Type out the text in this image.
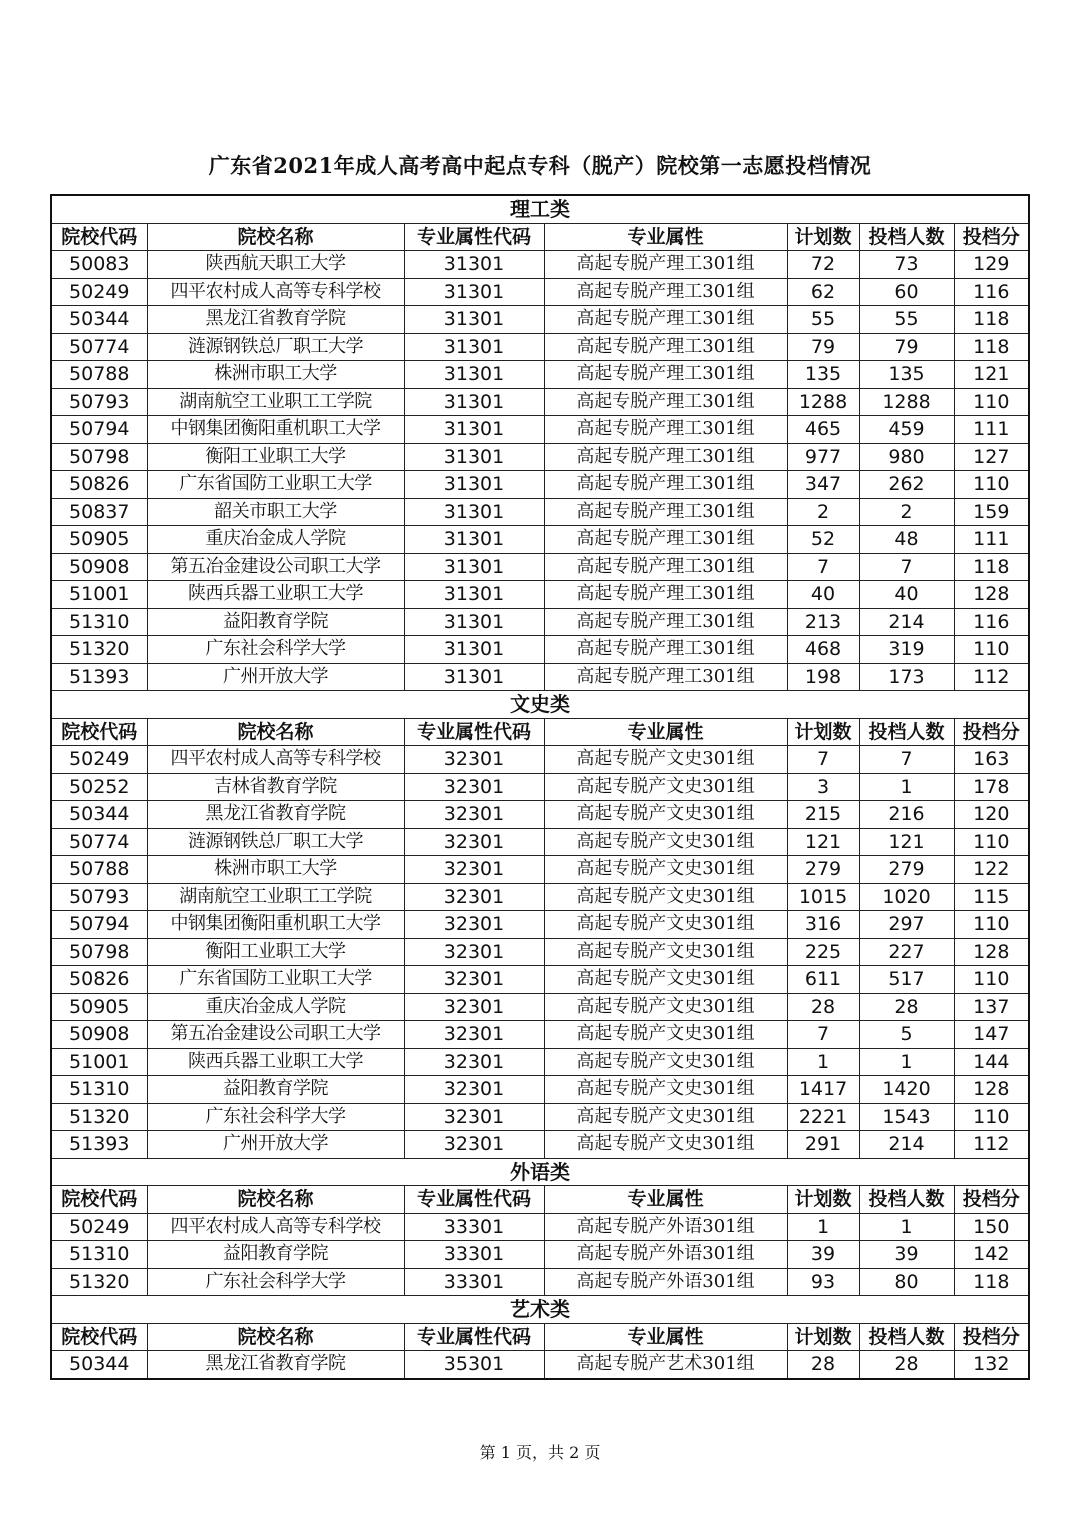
广东省2021年成人高考高中起点专科（脱产）院校第一志愿投档情况
理工类						
院校代码	院校名称	专业属性代码	专业属性	计划数	投档人数	投档分
50083	陕西航天职工大学	31301	高起专脱产理工301组	72	73	129
50249	四平农村成人高等专科学校	31301	高起专脱产理工301组	62	60	116
50344	黑龙江省教育学院	31301	高起专脱产理工301组	55	55	118
50774	涟源钢铁总厂职工大学	31301	高起专脱产理工301组	79	79	118
50788	株洲市职工大学	31301	高起专脱产理工301组	135	135	121
50793	湖南航空工业职工工学院	31301	高起专脱产理工301组	1288	1288	110
50794	中钢集团衡阳重机职工大学	31301	高起专脱产理工301组	465	459	111
50798	衡阳工业职工大学	31301	高起专脱产理工301组	977	980	127
50826	广东省国防工业职工大学	31301	高起专脱产理工301组	347	262	110
50837	韶关市职工大学	31301	高起专脱产理工301组	2	2	159
50905	重庆冶金成人学院	31301	高起专脱产理工301组	52	48	111
50908	第五冶金建设公司职工大学	31301	高起专脱产理工301组	7	7	118
51001	陕西兵器工业职工大学	31301	高起专脱产理工301组	40	40	128
51310	益阳教育学院	31301	高起专脱产理工301组	213	214	116
51320	广东社会科学大学	31301	高起专脱产理工301组	468	319	110
51393	广州开放大学	31301	高起专脱产理工301组	198	173	112
文史类						
院校代码	院校名称	专业属性代码	专业属性	计划数	投档人数	投档分
50249	四平农村成人高等专科学校	32301	高起专脱产文史301组	7	7	163
50252	吉林省教育学院	32301	高起专脱产文史301组	3	1	178
50344	黑龙江省教育学院	32301	高起专脱产文史301组	215	216	120
50774	涟源钢铁总厂职工大学	32301	高起专脱产文史301组	121	121	110
50788	株洲市职工大学	32301	高起专脱产文史301组	279	279	122
50793	湖南航空工业职工工学院	32301	高起专脱产文史301组	1015	1020	115
50794	中钢集团衡阳重机职工大学	32301	高起专脱产文史301组	316	297	110
50798	衡阳工业职工大学	32301	高起专脱产文史301组	225	227	128
50826	广东省国防工业职工大学	32301	高起专脱产文史301组	611	517	110
50905	重庆冶金成人学院	32301	高起专脱产文史301组	28	28	137
50908	第五冶金建设公司职工大学	32301	高起专脱产文史301组	7	5	147
51001	陕西兵器工业职工大学	32301	高起专脱产文史301组	1	1	144
51310	益阳教育学院	32301	高起专脱产文史301组	1417	1420	128
51320	广东社会科学大学	32301	高起专脱产文史301组	2221	1543	110
51393	广州开放大学	32301	高起专脱产文史301组	291	214	112
外语类						
院校代码	院校名称	专业属性代码	专业属性	计划数	投档人数	投档分
50249	四平农村成人高等专科学校	33301	高起专脱产外语301组	1	1	150
51310	益阳教育学院	33301	高起专脱产外语301组	39	39	142
51320	广东社会科学大学	33301	高起专脱产外语301组	93	80	118
艺术类						
院校代码	院校名称	专业属性代码	专业属性	计划数	投档人数	投档分
50344	黑龙江省教育学院	35301	高起专脱产艺术301组	28	28	132
第 1 页，共 2 页
